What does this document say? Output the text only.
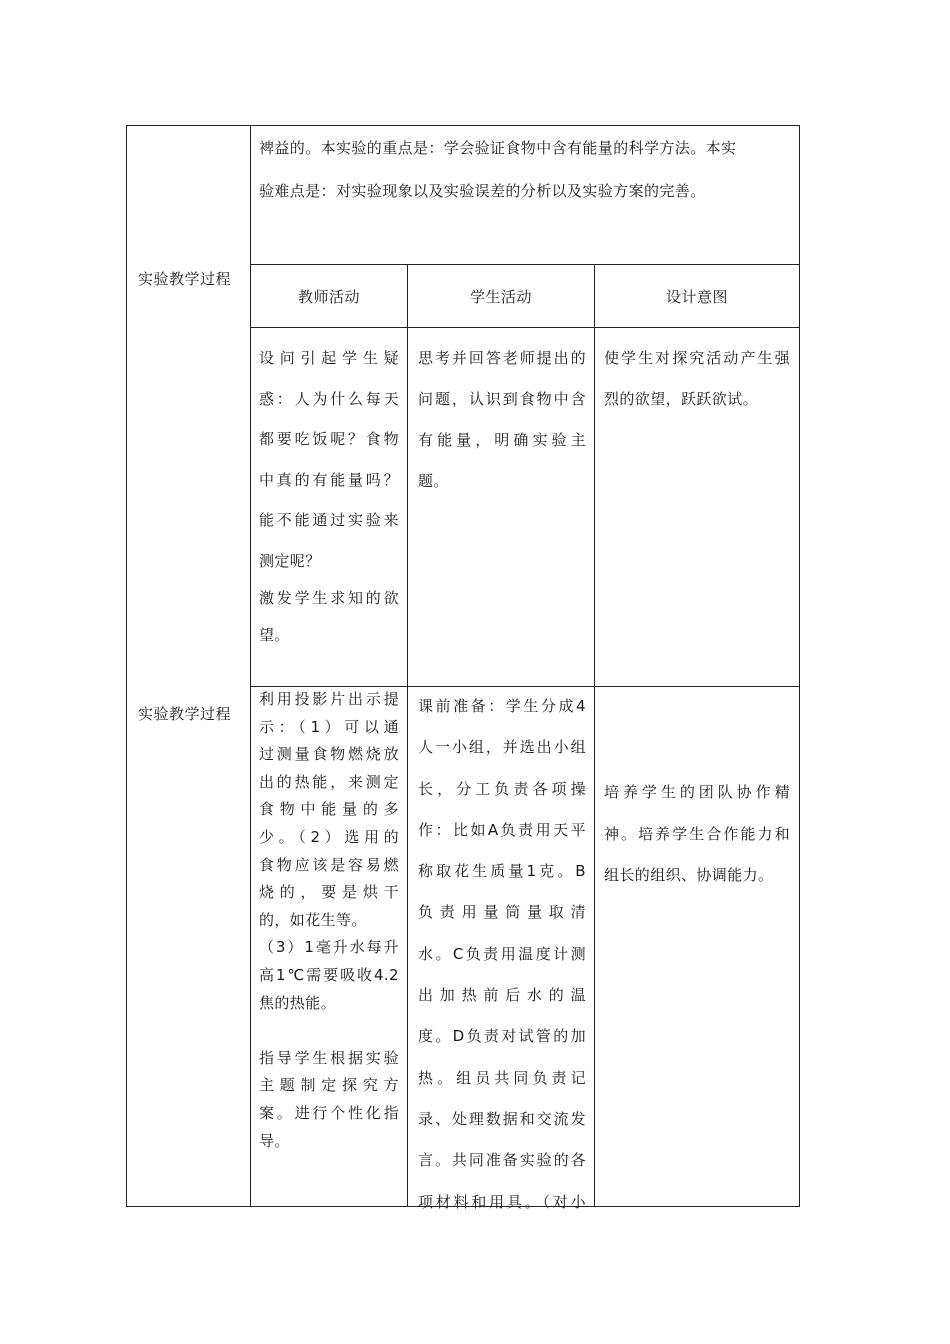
裨益的。本实验的重点是：学会验证食物中含有能量的科学方法。本实
验难点是：对实验现象以及实验误差的分析以及实验方案的完善。
实验教学过程
实验教学过程
教师活动	学生活动	设计意图
设问引起学生疑
惑：人为什么每天
都要吃饭呢？食物
中真的有能量吗？
能不能通过实验来
测定呢？
激发学生求知的欲
望。
思考并回答老师提出的
问题，认识到食物中含
有能量，明确实验主
题。
使学生对探究活动产生强
烈的欲望，跃跃欲试。
利用投影片出示提
示：（1）可以通
过测量食物燃烧放
出的热能，来测定
食物中能量的多
少。（2）选用的
食物应该是容易燃
烧的，要是烘干
的，如花生等。
（3）1毫升水每升
高1℃需要吸收4.2
焦的热能。
指导学生根据实验
主题制定探究方
案。进行个性化指
导。
课前准备：学生分成4
人一小组，并选出小组
长，分工负责各项操
作：比如A负责用天平
称取花生质量1克。B
负责用量筒量取清
水。C负责用温度计测
出加热前后水的温
度。D负责对试管的加
热。组员共同负责记
录、处理数据和交流发
言。共同准备实验的各
项材料和用具。（对小
培养学生的团队协作精
神。培养学生合作能力和
组长的组织、协调能力。
